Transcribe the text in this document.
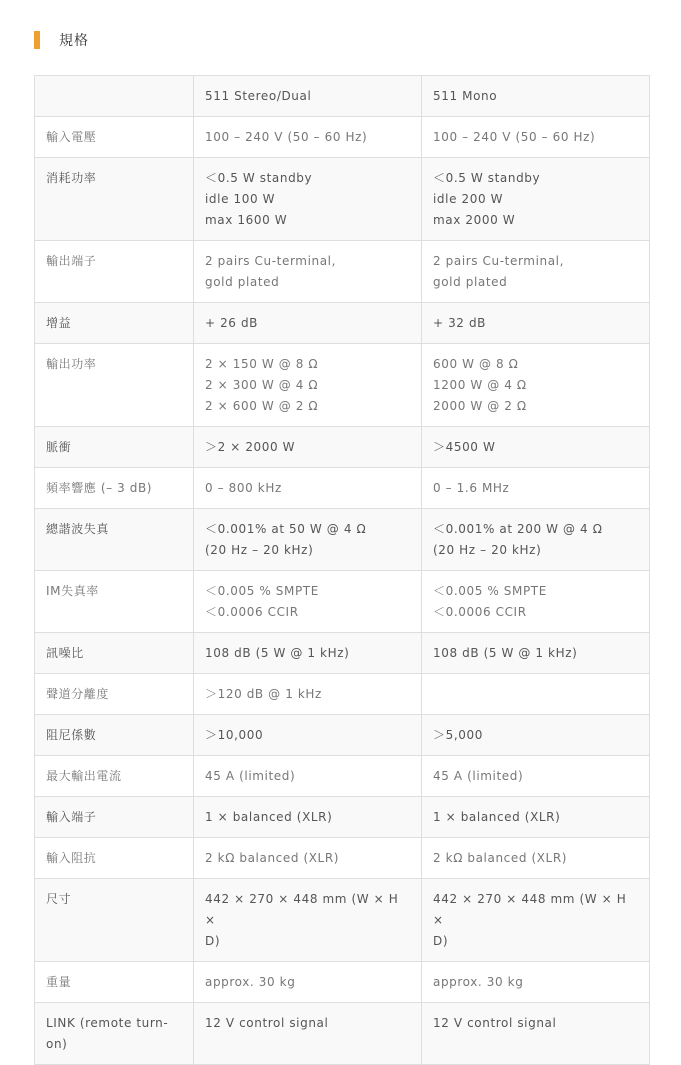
規格
	511 Stereo/Dual	511 Mono
輸入電壓	100 – 240 V (50 – 60 Hz)	100 – 240 V (50 – 60 Hz)

消耗功率	＜0.5 W standby
idle 100 W
max 1600 W	＜0.5 W standby
idle 200 W
max 2000 W

輸出端子	2 pairs Cu-terminal,
gold plated	2 pairs Cu-terminal,
gold plated

增益	+ 26 dB	+ 32 dB

輸出功率	2 × 150 W @ 8 Ω
2 × 300 W @ 4 Ω
2 × 600 W @ 2 Ω	600 W @ 8 Ω
1200 W @ 4 Ω
2000 W @ 2 Ω

脈衝	＞2 × 2000 W	＞4500 W

頻率響應 (– 3 dB)	0 – 800 kHz	0 – 1.6 MHz

總諧波失真	＜0.001% at 50 W @ 4 Ω
(20 Hz – 20 kHz)	＜0.001% at 200 W @ 4 Ω
(20 Hz – 20 kHz)

IM失真率	＜0.005 % SMPTE
＜0.0006 CCIR	＜0.005 % SMPTE
＜0.0006 CCIR

訊噪比	108 dB (5 W @ 1 kHz)	108 dB (5 W @ 1 kHz)

聲道分離度	＞120 dB @ 1 kHz	

阻尼係數	＞10,000	＞5,000

最大輸出電流	45 A (limited)	45 A (limited)

輸入端子	1 × balanced (XLR)	1 × balanced (XLR)

輸入阻抗	2 kΩ balanced (XLR)	2 kΩ balanced (XLR)

尺寸	442 × 270 × 448 mm (W × H ×
D)	442 × 270 × 448 mm (W × H ×
D)

重量	approx. 30 kg	approx. 30 kg

LINK (remote turn-on)	12 V control signal	12 V control signal
